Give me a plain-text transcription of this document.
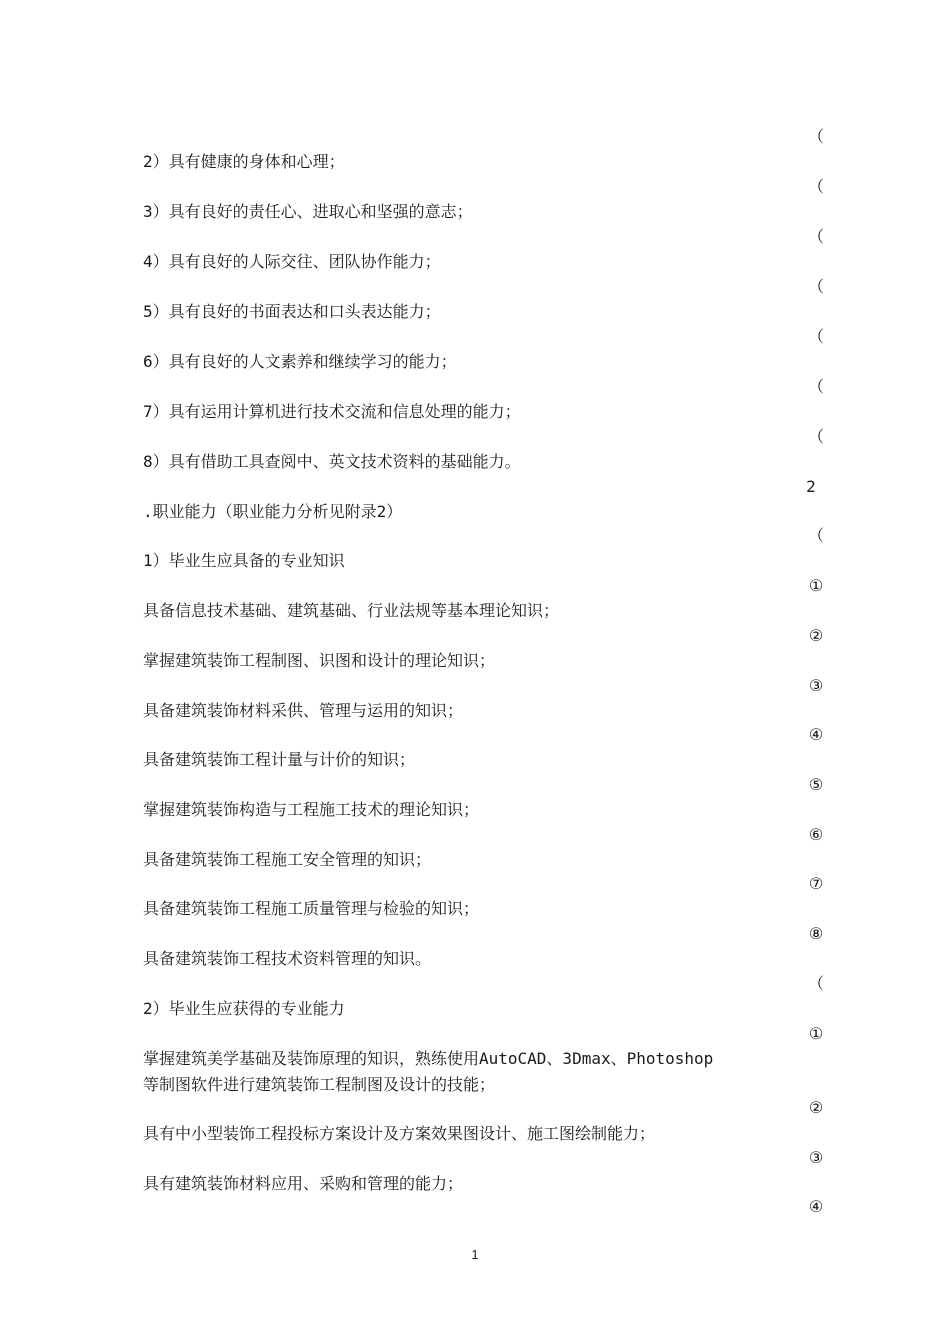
2）具有健康的身体和心理；
3）具有良好的责任心、进取心和坚强的意志；
4）具有良好的人际交往、团队协作能力；
5）具有良好的书面表达和口头表达能力；
6）具有良好的人文素养和继续学习的能力；
7）具有运用计算机进行技术交流和信息处理的能力；
8）具有借助工具查阅中、英文技术资料的基础能力。
.职业能力（职业能力分析见附录2）
1）毕业生应具备的专业知识
具备信息技术基础、建筑基础、行业法规等基本理论知识；
掌握建筑装饰工程制图、识图和设计的理论知识；
具备建筑装饰材料采供、管理与运用的知识；
具备建筑装饰工程计量与计价的知识；
掌握建筑装饰构造与工程施工技术的理论知识；
具备建筑装饰工程施工安全管理的知识；
具备建筑装饰工程施工质量管理与检验的知识；
具备建筑装饰工程技术资料管理的知识。
2）毕业生应获得的专业能力
掌握建筑美学基础及装饰原理的知识，熟练使用AutoCAD、3Dmax、Photoshop
等制图软件进行建筑装饰工程制图及设计的技能；
具有中小型装饰工程投标方案设计及方案效果图设计、施工图绘制能力；
具有建筑装饰材料应用、采购和管理的能力；
（
（
（
（
（
（
（
2
（
①
②
③
④
⑤
⑥
⑦
⑧
（
①
②
③
④
1
